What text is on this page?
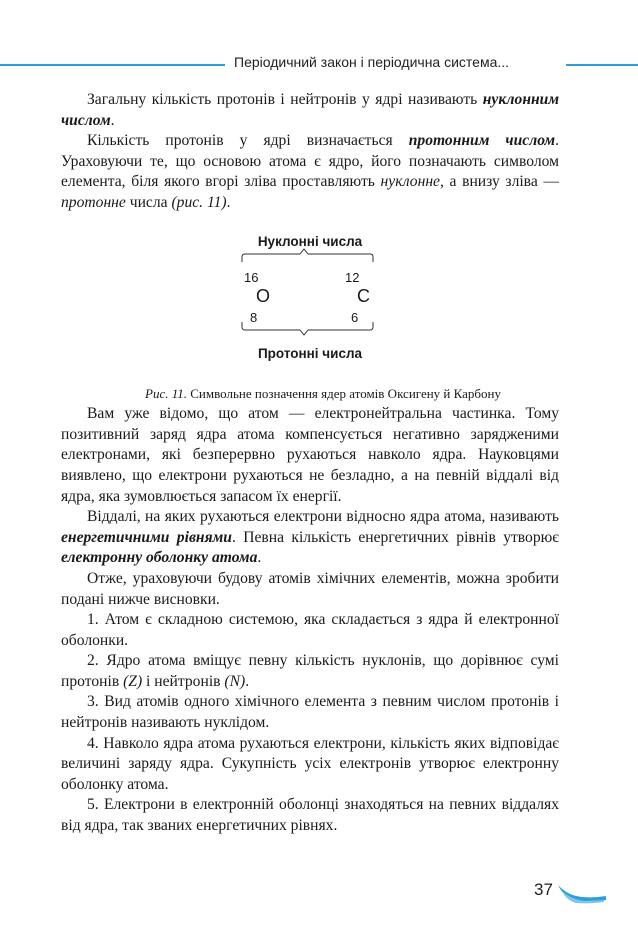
Періодичний закон і періодична система...

Загальну кількість протонів і нейтронів у ядрі називають нуклонним числом.

Кількість протонів у ядрі визначається протонним числом. Ураховуючи те, що основою атома є ядро, його позначають символом елемента, біля якого вгорі зліва проставляють нуклонне, а внизу зліва — протонне числа (рис. 11).

Нуклонні числа
16
O
8
12
C
6
Протонні числа

Рис. 11. Символьне позначення ядер атомів Оксигену й Карбону

Вам уже відомо, що атом — електронейтральна частинка. Тому позитивний заряд ядра атома компенсується негативно зарядженими електронами, які безперервно рухаються навколо ядра. Науковцями виявлено, що електрони рухаються не безладно, а на певній віддалі від ядра, яка зумовлюється запасом їх енергії.

Віддалі, на яких рухаються електрони відносно ядра атома, називають енергетичними рівнями. Певна кількість енергетичних рівнів утворює електронну оболонку атома.

Отже, ураховуючи будову атомів хімічних елементів, можна зробити подані нижче висновки.

1. Атом є складною системою, яка складається з ядра й електронної оболонки.

2. Ядро атома вміщує певну кількість нуклонів, що дорівнює сумі протонів (Z) і нейтронів (N).

3. Вид атомів одного хімічного елемента з певним числом протонів і нейтронів називають нуклідом.

4. Навколо ядра атома рухаються електрони, кількість яких відповідає величині заряду ядра. Сукупність усіх електронів утворює електронну оболонку атома.

5. Електрони в електронній оболонці знаходяться на певних віддалях від ядра, так званих енергетичних рівнях.

37
